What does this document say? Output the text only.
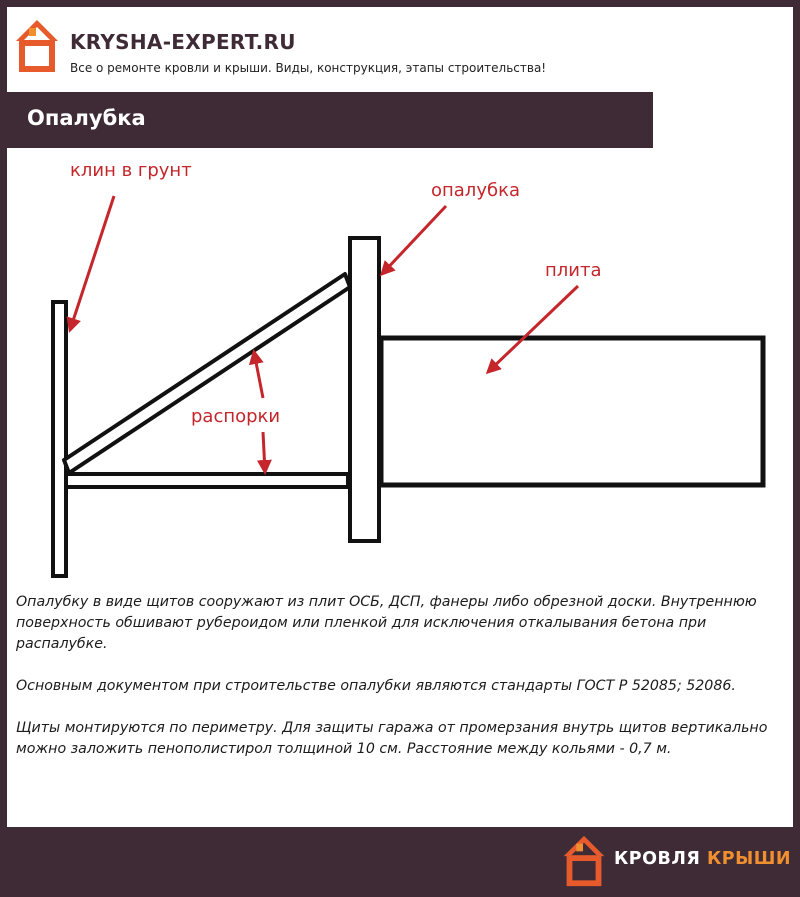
KRYSHA-EXPERT.RU
Все о ремонте кровли и крыши. Виды, конструкция, этапы строительства!
Опалубка
клин в грунт
опалубка
плита
распорки

Опалубку в виде щитов сооружают из плит ОСБ, ДСП, фанеры либо обрезной доски. Внутреннюю поверхность обшивают рубероидом или пленкой для исключения откалывания бетона при распалубке.

Основным документом при строительстве опалубки являются стандарты ГОСТ Р 52085; 52086.

Щиты монтируются по периметру. Для защиты гаража от промерзания внутрь щитов вертикально можно заложить пенополистирол толщиной 10 см. Расстояние между кольями - 0,7 м.

КРОВЛЯ КРЫШИ
